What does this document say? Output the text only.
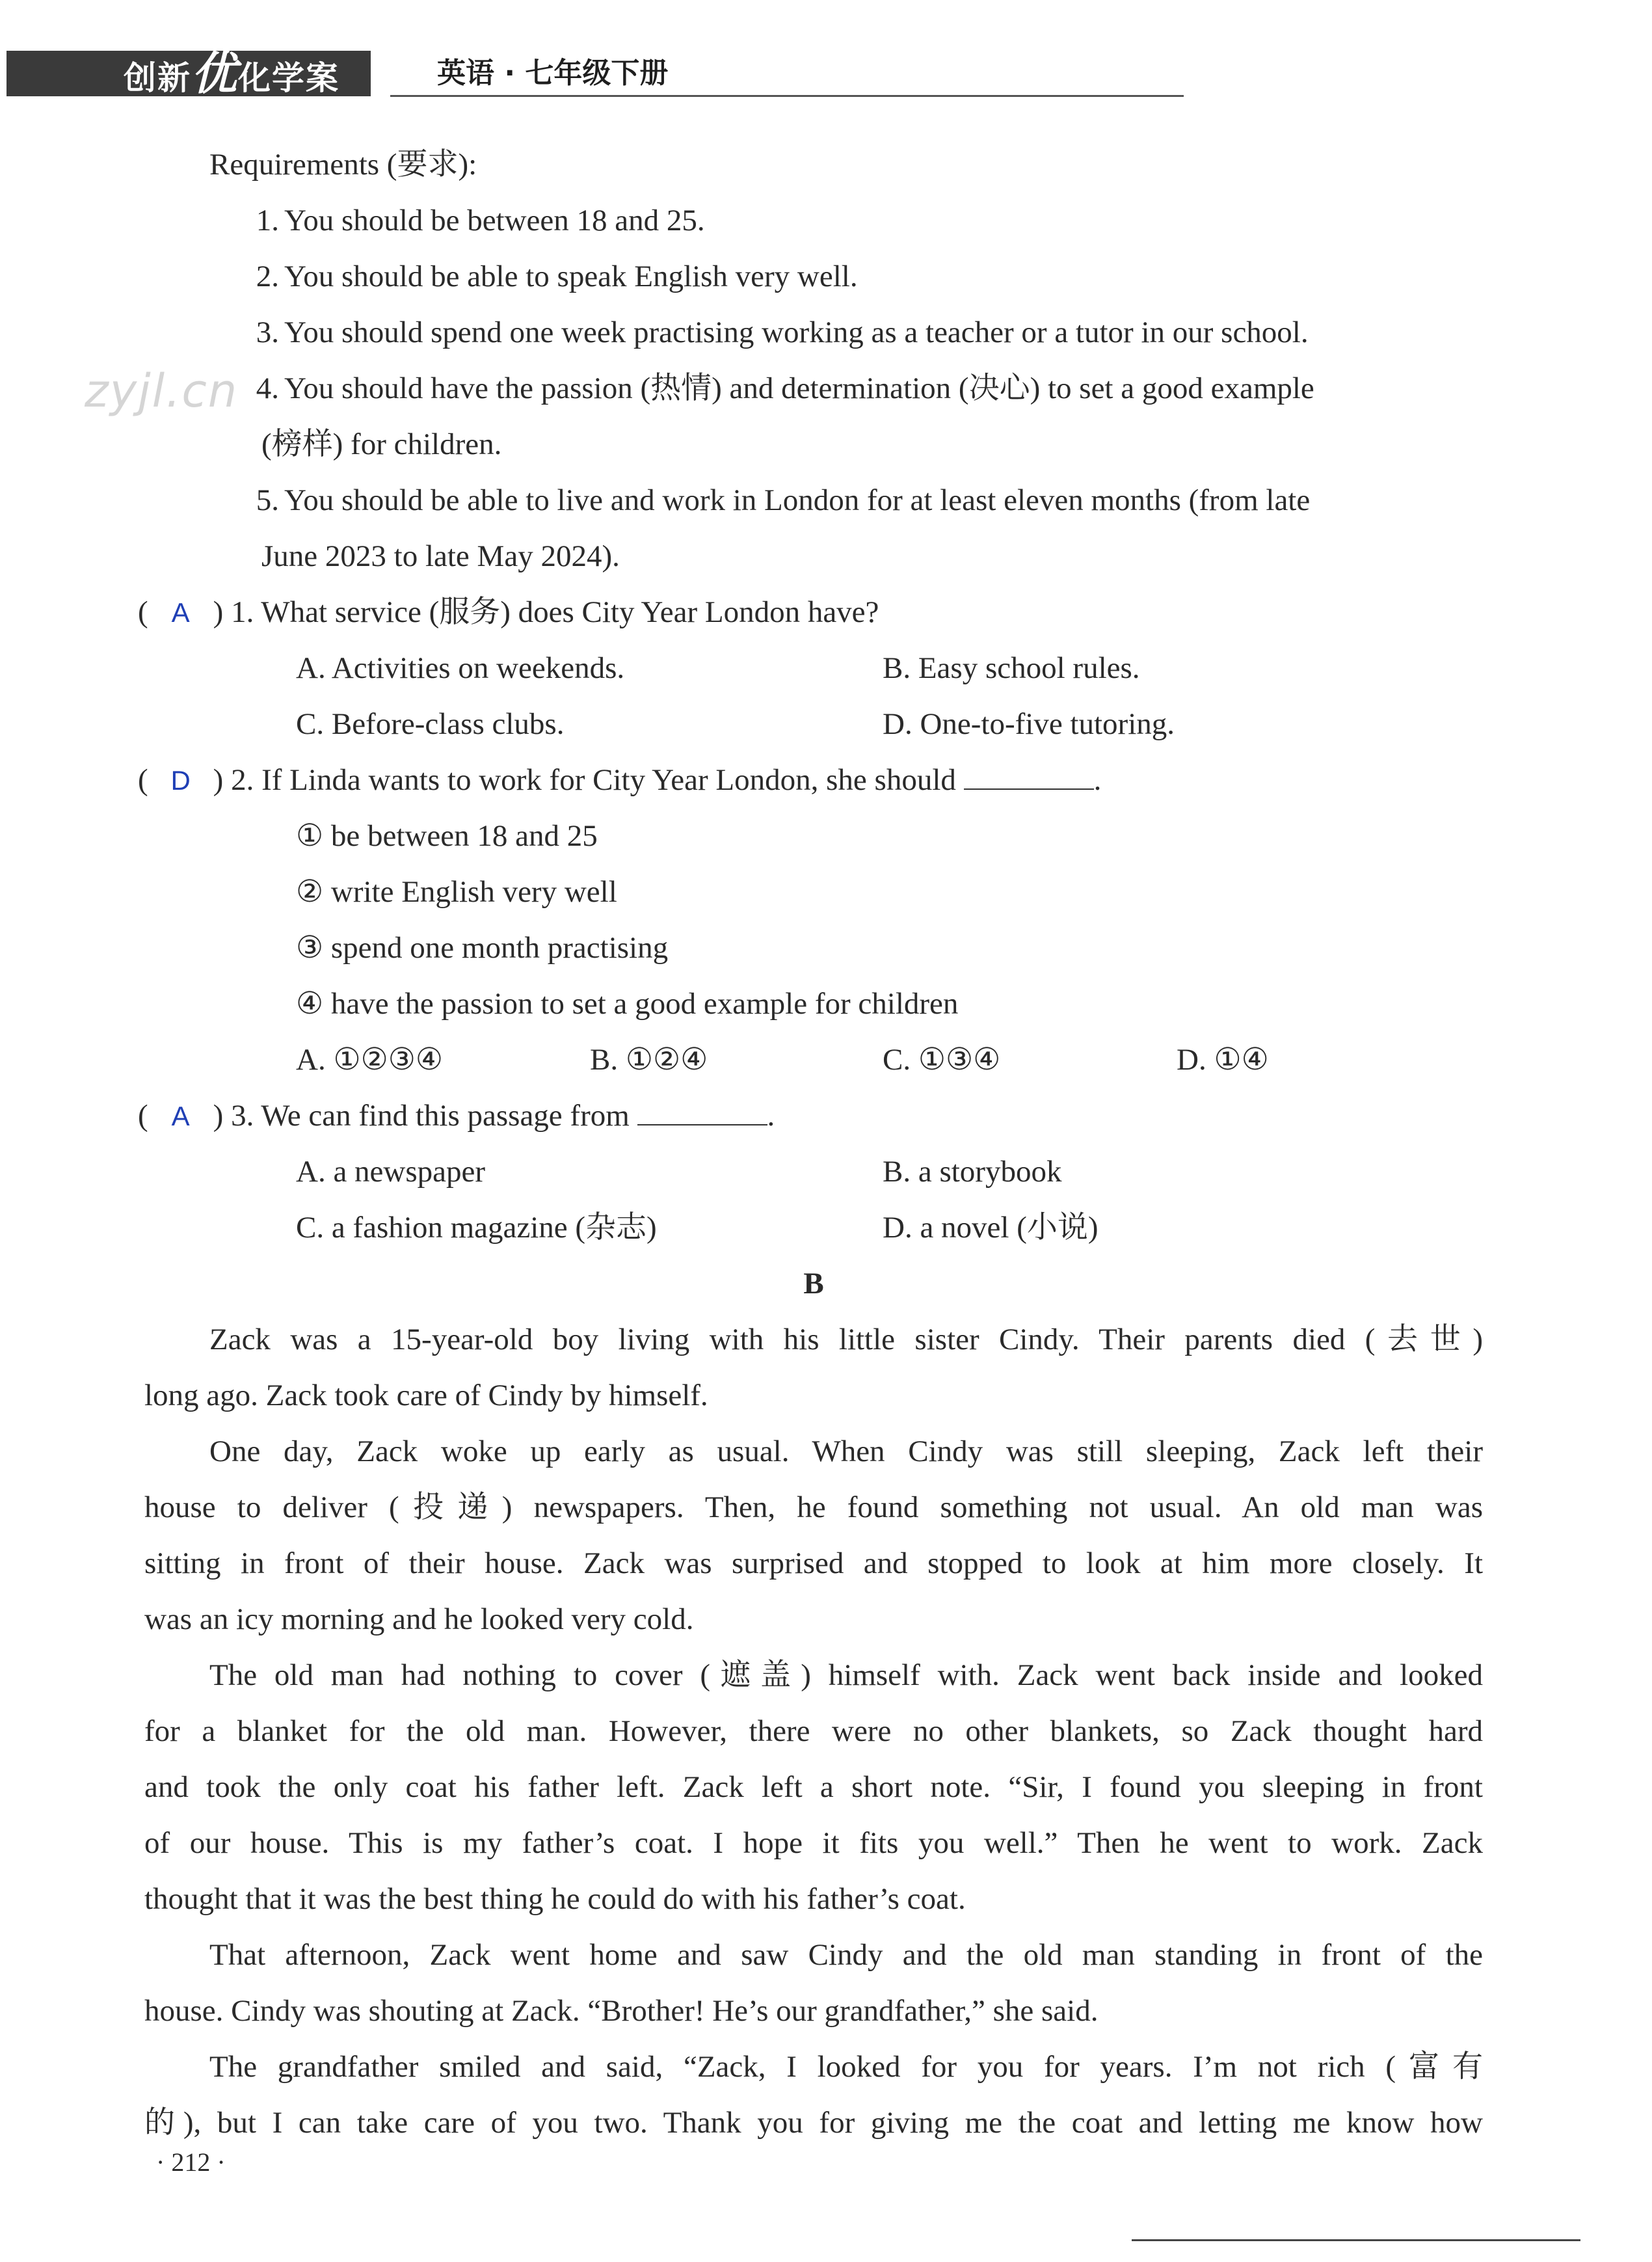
创新优化学案	英语 · 七年级下册
zyjl.cn
Requirements (要求):
1. You should be between 18 and 25.
2. You should be able to speak English very well.
3. You should spend one week practising working as a teacher or a tutor in our school.
4. You should have the passion (热情) and determination (决心) to set a good example
(榜样) for children.
5. You should be able to live and work in London for at least eleven months (from late
June 2023 to late May 2024).
( A ) 1. What service (服务) does City Year London have?
A. Activities on weekends.	B. Easy school rules.
C. Before-class clubs.	D. One-to-five tutoring.
( D ) 2. If Linda wants to work for City Year London, she should	.
① be between 18 and 25
② write English very well
③ spend one month practising
④ have the passion to set a good example for children
A. ①②③④	B. ①②④	C. ①③④	D. ①④
( A ) 3. We can find this passage from	.
A. a newspaper	B. a storybook
C. a fashion magazine (杂志)	D. a novel (小说)
B
Zack was a 15-year-old boy living with his little sister Cindy. Their parents died (去世)
long ago. Zack took care of Cindy by himself.
One day, Zack woke up early as usual. When Cindy was still sleeping, Zack left their
house to deliver (投递) newspapers. Then, he found something not usual. An old man was
sitting in front of their house. Zack was surprised and stopped to look at him more closely. It
was an icy morning and he looked very cold.
The old man had nothing to cover (遮盖) himself with. Zack went back inside and looked
for a blanket for the old man. However, there were no other blankets, so Zack thought hard
and took the only coat his father left. Zack left a short note. “Sir, I found you sleeping in front
of our house. This is my father’s coat. I hope it fits you well.” Then he went to work. Zack
thought that it was the best thing he could do with his father’s coat.
That afternoon, Zack went home and saw Cindy and the old man standing in front of the
house. Cindy was shouting at Zack. “Brother! He’s our grandfather,” she said.
The grandfather smiled and said, “Zack, I looked for you for years. I’m not rich (富有
的), but I can take care of you two. Thank you for giving me the coat and letting me know how
· 212 ·
